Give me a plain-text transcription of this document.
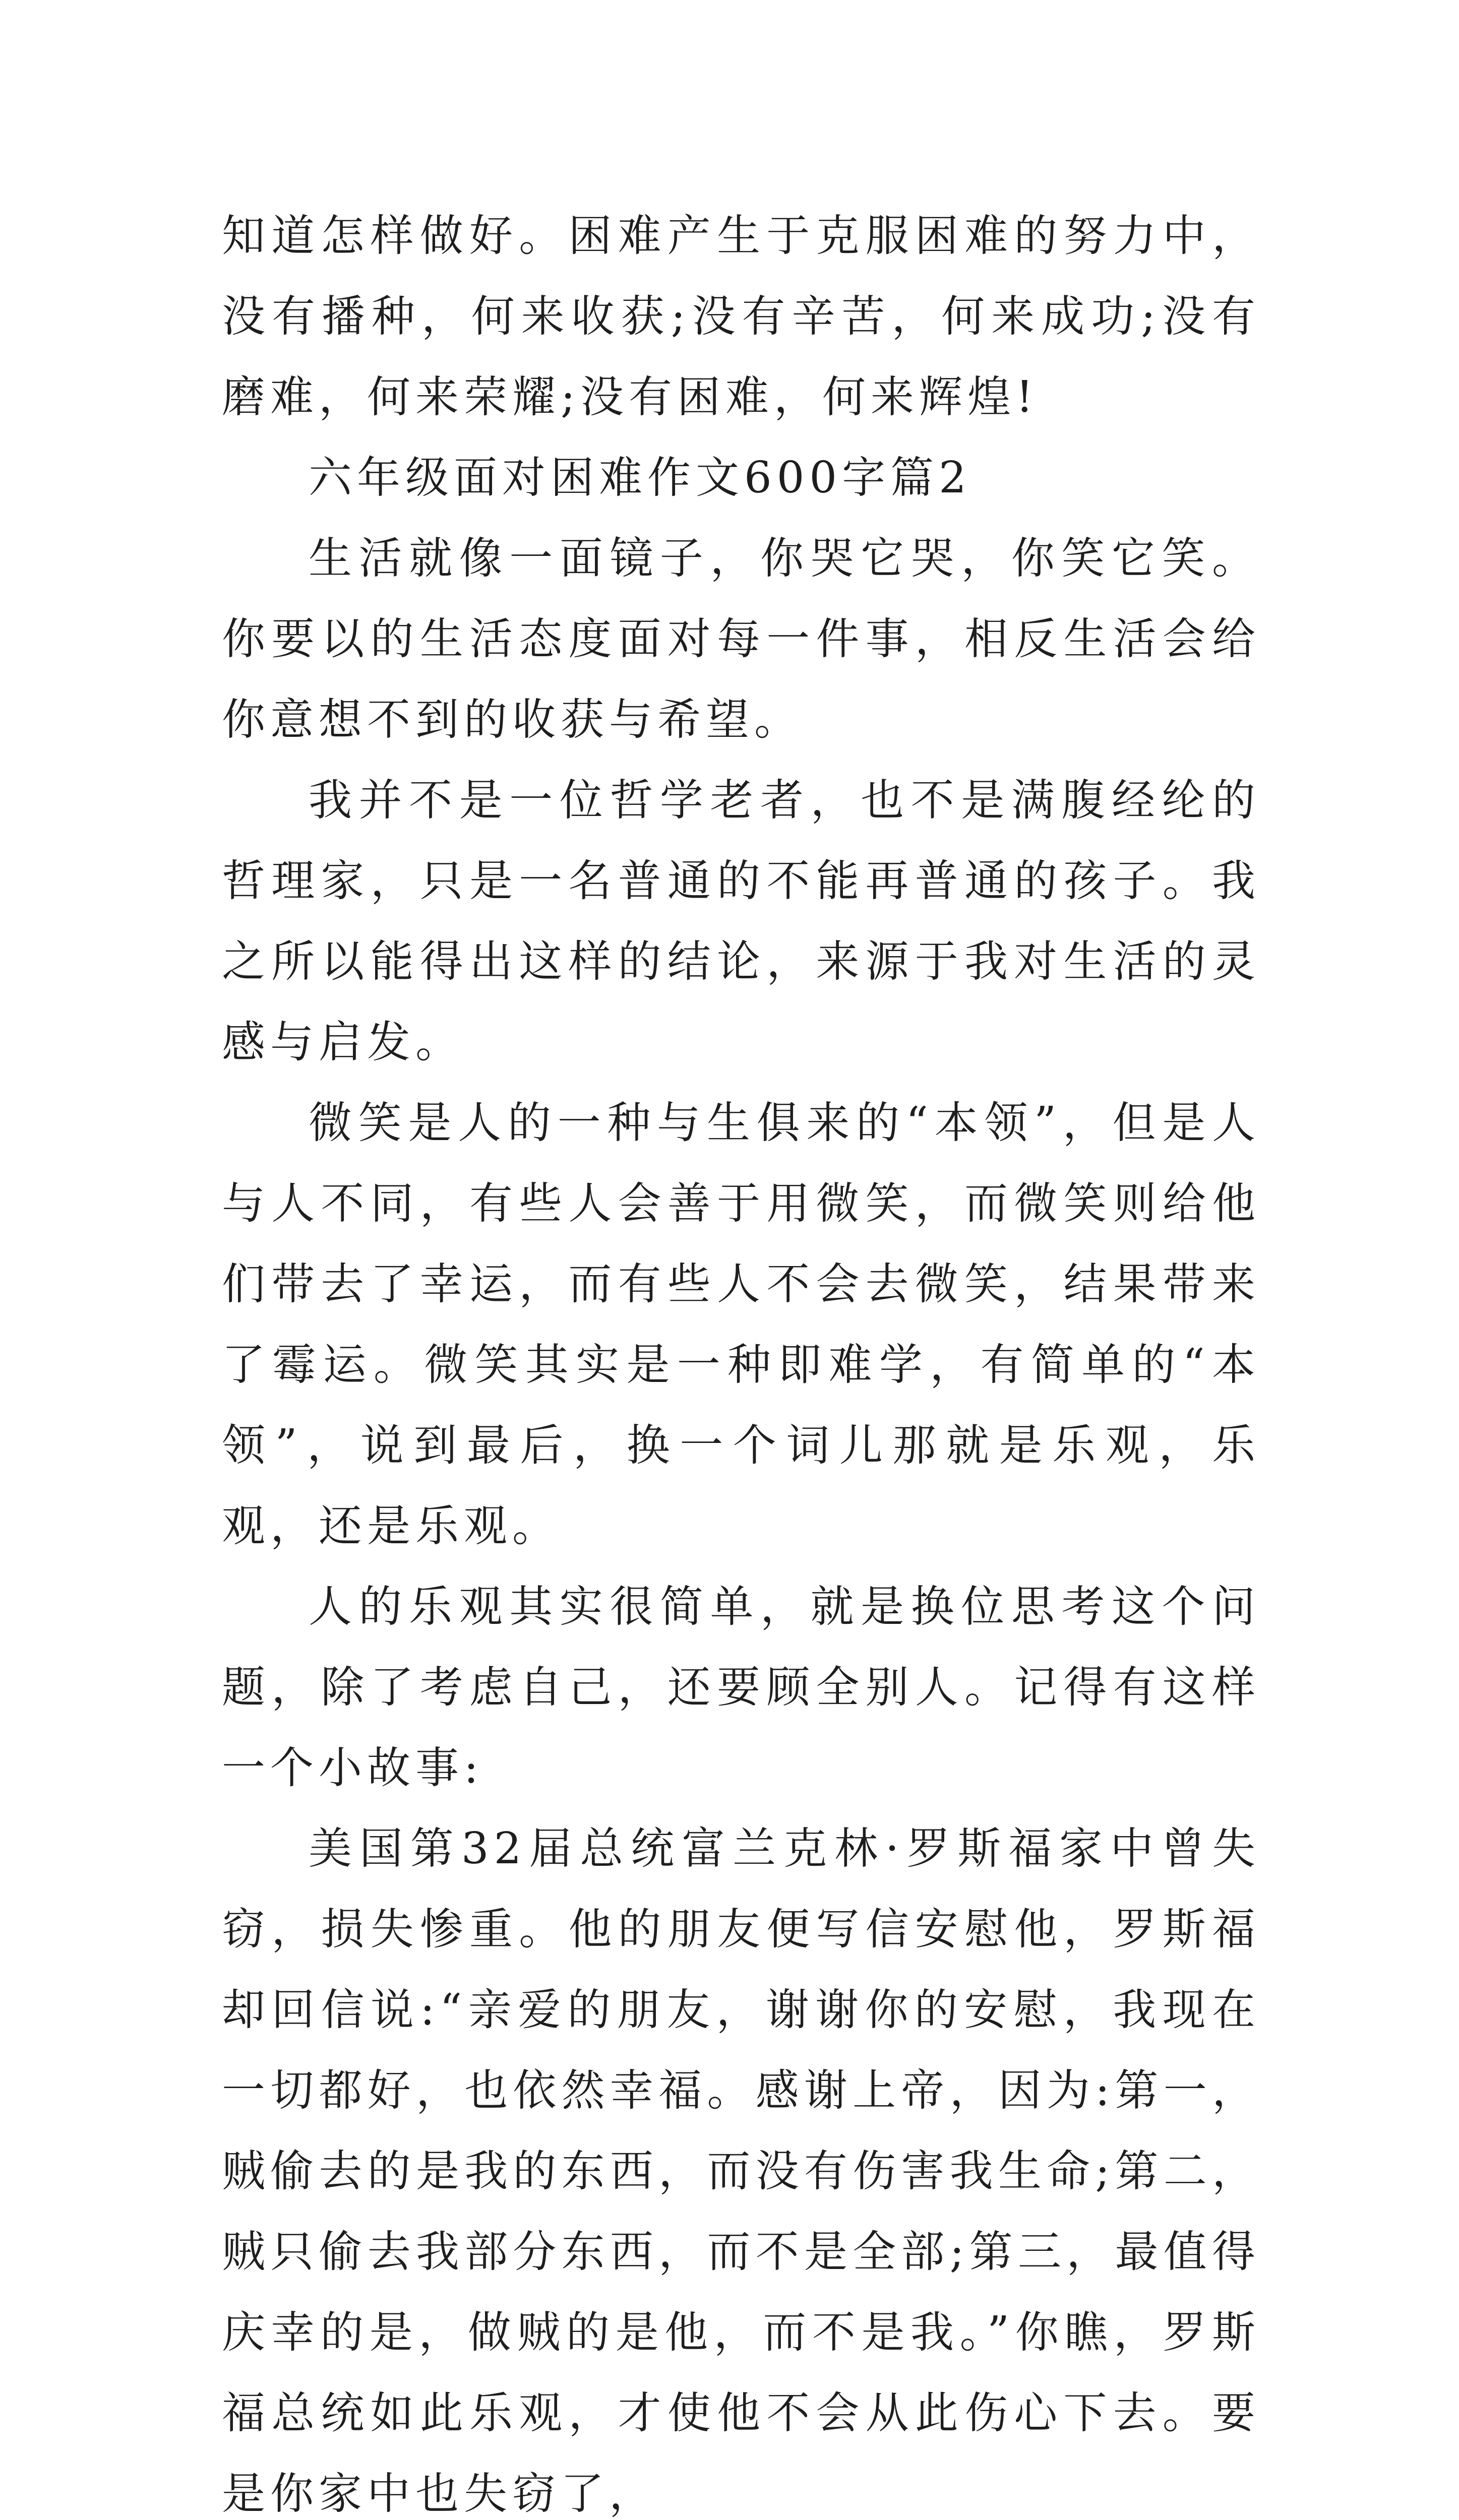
知道怎样做好。困难产生于克服困难的努力中，没有播种，何来收获;没有辛苦，何来成功;没有磨难，何来荣耀;没有困难，何来辉煌!

六年级面对困难作文600字篇2

生活就像一面镜子，你哭它哭，你笑它笑。你要以的生活态度面对每一件事，相反生活会给你意想不到的收获与希望。

我并不是一位哲学老者，也不是满腹经纶的哲理家，只是一名普通的不能再普通的孩子。我之所以能得出这样的结论，来源于我对生活的灵感与启发。

微笑是人的一种与生俱来的“本领”，但是人与人不同，有些人会善于用微笑，而微笑则给他们带去了幸运，而有些人不会去微笑，结果带来了霉运。微笑其实是一种即难学，有简单的“本领”，说到最后，换一个词儿那就是乐观，乐观，还是乐观。

人的乐观其实很简单，就是换位思考这个问题，除了考虑自己，还要顾全别人。记得有这样一个小故事:

美国第32届总统富兰克林·罗斯福家中曾失窃，损失惨重。他的朋友便写信安慰他，罗斯福却回信说:“亲爱的朋友，谢谢你的安慰，我现在一切都好，也依然幸福。感谢上帝，因为:第一，贼偷去的是我的东西，而没有伤害我生命;第二，贼只偷去我部分东西，而不是全部;第三，最值得庆幸的是，做贼的是他，而不是我。”你瞧，罗斯福总统如此乐观，才使他不会从此伤心下去。要是你家中也失窃了，
